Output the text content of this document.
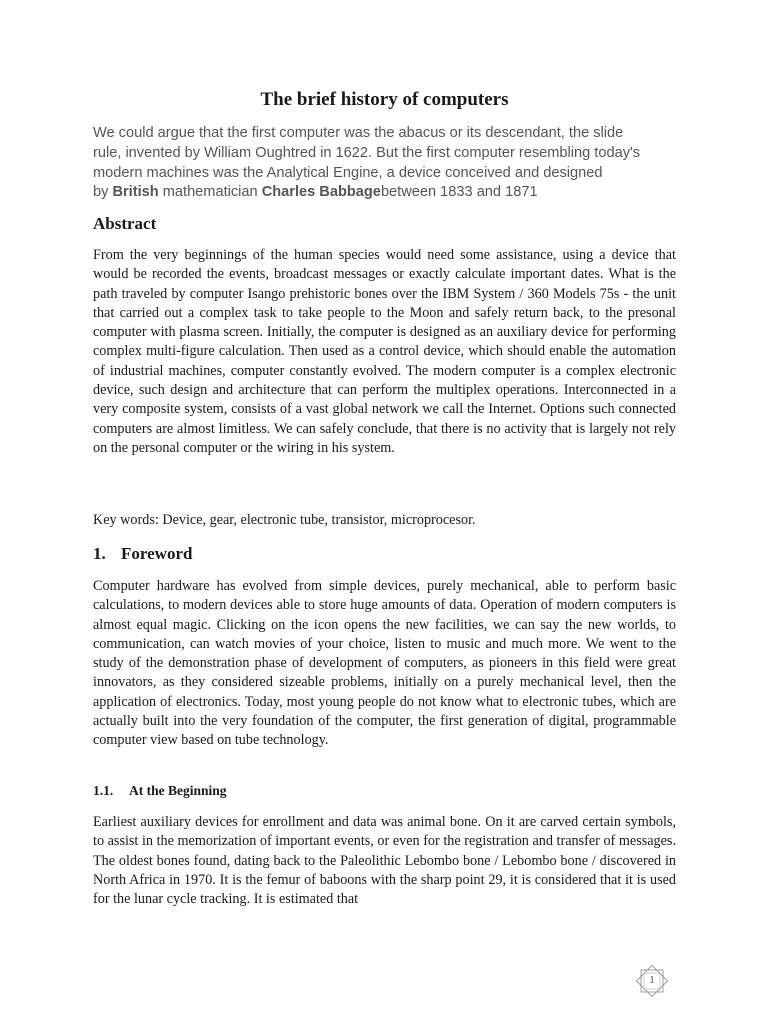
The brief history of computers

We could argue that the first computer was the abacus or its descendant, the slide
rule, invented by William Oughtred in 1622. But the first computer resembling today's
modern machines was the Analytical Engine, a device conceived and designed
by British mathematician Charles Babbagebetween 1833 and 1871

Abstract

From the very beginnings of the human species would need some assistance, using a device that would be recorded the events, broadcast messages or exactly calculate important dates. What is the path traveled by computer Isango prehistoric bones over the IBM System / 360 Models 75s - the unit that carried out a complex task to take people to the Moon and safely return back, to the presonal computer with plasma screen. Initially, the computer is designed as an auxiliary device for performing complex multi-figure calculation. Then used as a control device, which should enable the automation of industrial machines, computer constantly evolved. The modern computer is a complex electronic device, such design and architecture that can perform the multiplex operations. Interconnected in a very composite system, consists of a vast global network we call the Internet. Options such connected computers are almost limitless. We can safely conclude, that there is no activity that is largely not rely on the personal computer or the wiring in his system.

Key words: Device, gear, electronic tube, transistor, microprocesor.

1. Foreword

Computer hardware has evolved from simple devices, purely mechanical, able to perform basic calculations, to modern devices able to store huge amounts of data. Operation of modern computers is almost equal magic. Clicking on the icon opens the new facilities, we can say the new worlds, to communication, can watch movies of your choice, listen to music and much more. We went to the study of the demonstration phase of development of computers, as pioneers in this field were great innovators, as they considered sizeable problems, initially on a purely mechanical level, then the application of electronics. Today, most young people do not know what to electronic tubes, which are actually built into the very foundation of the computer, the first generation of digital, programmable computer view based on tube technology.

1.1. At the Beginning

Earliest auxiliary devices for enrollment and data was animal bone. On it are carved certain symbols, to assist in the memorization of important events, or even for the registration and transfer of messages. The oldest bones found, dating back to the Paleolithic Lebombo bone / Lebombo bone / discovered in North Africa in 1970. It is the femur of baboons with the sharp point 29, it is considered that it is used for the lunar cycle tracking. It is estimated that

1
